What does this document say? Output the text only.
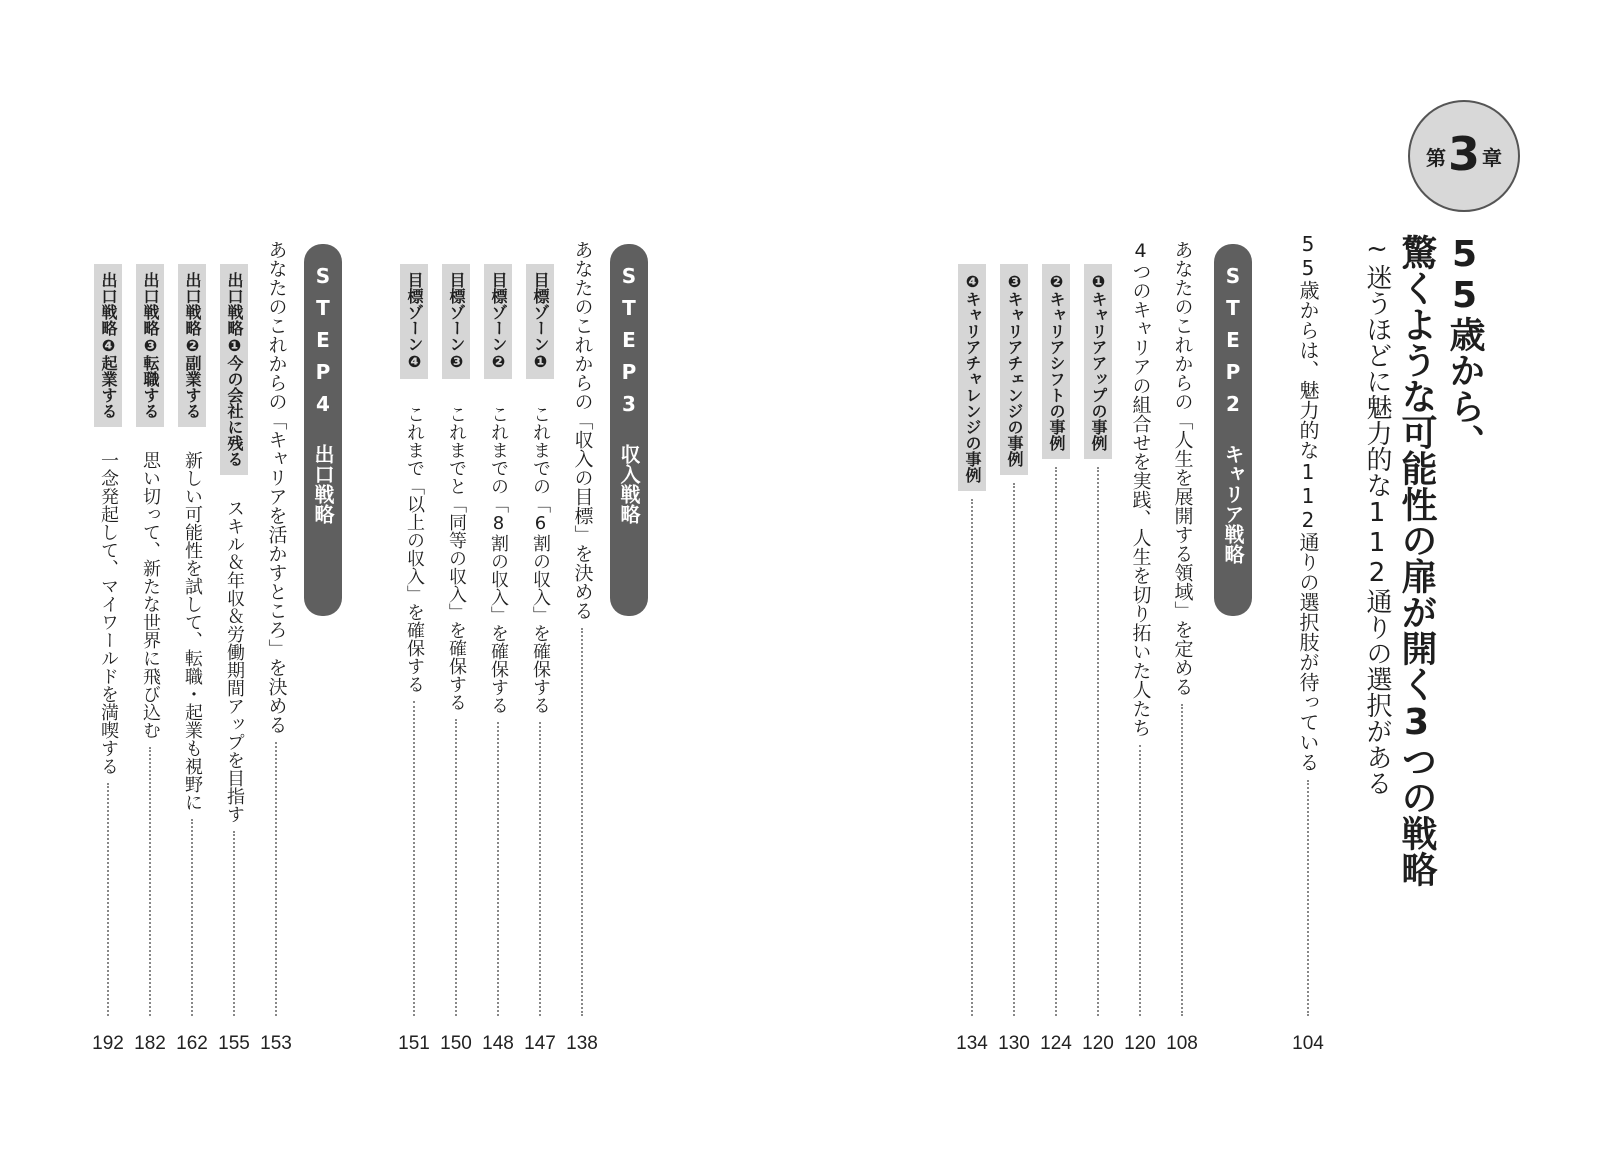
第 3 章
55歳から、
驚くような可能性の扉が開く3つの戦略
~迷うほどに魅力的な112通りの選択がある
55歳からは、魅力的な112通りの選択肢が待っている
104
STEP2
キャリア戦略
あなたのこれからの「人生を展開する領域」を定める
108
4つのキャリアの組合せを実践、人生を切り拓いた人たち
120
❶キャリアアップの事例
120
❷キャリアシフトの事例
124
❸キャリアチェンジの事例
130
❹キャリアチャレンジの事例
134
STEP3
収入戦略
あなたのこれからの「収入の目標」を決める
138
目標ゾーン❶
これまでの「6割の収入」を確保する
147
目標ゾーン❷
これまでの「8割の収入」を確保する
148
目標ゾーン❸
これまでと「同等の収入」を確保する
150
目標ゾーン❹
これまで「以上の収入」を確保する
151
STEP4
出口戦略
あなたのこれからの「キャリアを活かすところ」を決める
153
出口戦略❶今の会社に残る
スキル＆年収＆労働期間アップを目指す
155
出口戦略❷副業する
新しい可能性を試して、転職・起業も視野に
162
出口戦略❸転職する
思い切って、新たな世界に飛び込む
182
出口戦略❹起業する
一念発起して、マイワールドを満喫する
192
